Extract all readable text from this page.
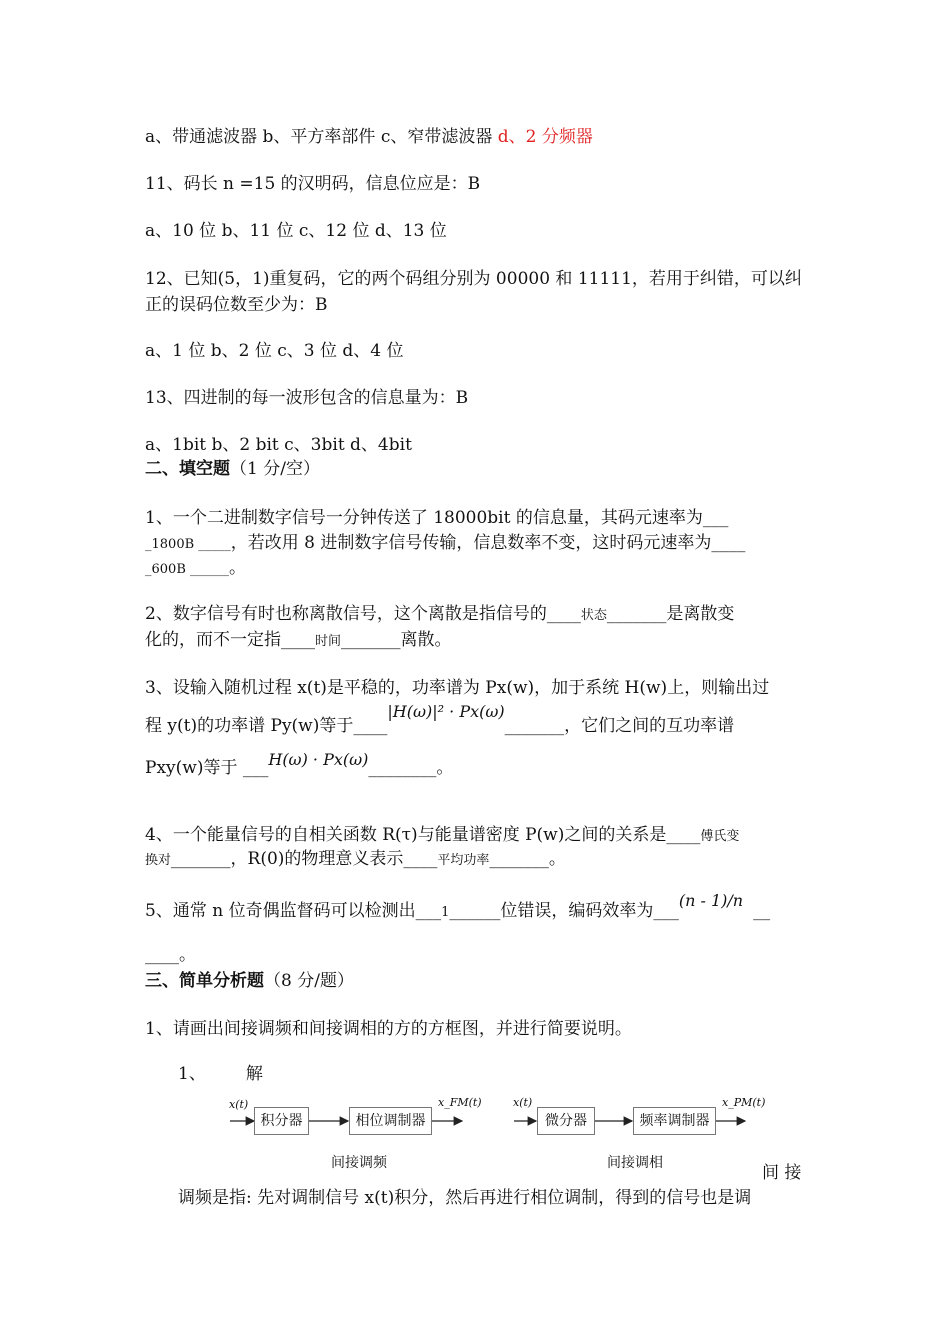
a、带通滤波器 b、平方率部件 c、窄带滤波器 d、2 分频器
11、码长 n =15 的汉明码，信息位应是：B
a、10 位 b、11 位 c、12 位 d、13 位
12、已知(5，1)重复码，它的两个码组分别为 00000 和 11111，若用于纠错，可以纠
正的误码位数至少为：B
a、1 位 b、2 位 c、3 位 d、4 位
13、四进制的每一波形包含的信息量为：B
a、1bit b、2 bit c、3bit d、4bit
二、填空题（1 分/空）
1、一个二进制数字信号一分钟传送了 18000bit 的信息量，其码元速率为___
_1800B _____，若改用 8 进制数字信号传输，信息数率不变，这时码元速率为____
_600B ______。
2、数字信号有时也称离散信号，这个离散是指信号的____状态_______是离散变
化的，而不一定指____时间_______离散。
3、设输入随机过程 x(t)是平稳的，功率谱为 Px(w)，加于系统 H(w)上，则输出过
程 y(t)的功率谱 Py(w)等于____|H(ω)|² · Px(ω)_______，它们之间的互功率谱
Pxy(w)等于 ___H(ω) · Px(ω)________。
4、一个能量信号的自相关函数 R(τ)与能量谱密度 P(w)之间的关系是____傅氏变
换对_______，R(0)的物理意义表示____平均功率_______。
5、通常 n 位奇偶监督码可以检测出___1______位错误，编码效率为___(n - 1)/n__
____。
三、简单分析题（8 分/题）
1、请画出间接调频和间接调相的方的方框图，并进行简要说明。
1、 解
x(t)
积分器	相位调制器
x_FM(t)
间接调频
x(t)
微分器	频率调制器
x_PM(t)
间接调相	间 接
调频是指: 先对调制信号 x(t)积分，然后再进行相位调制，得到的信号也是调
